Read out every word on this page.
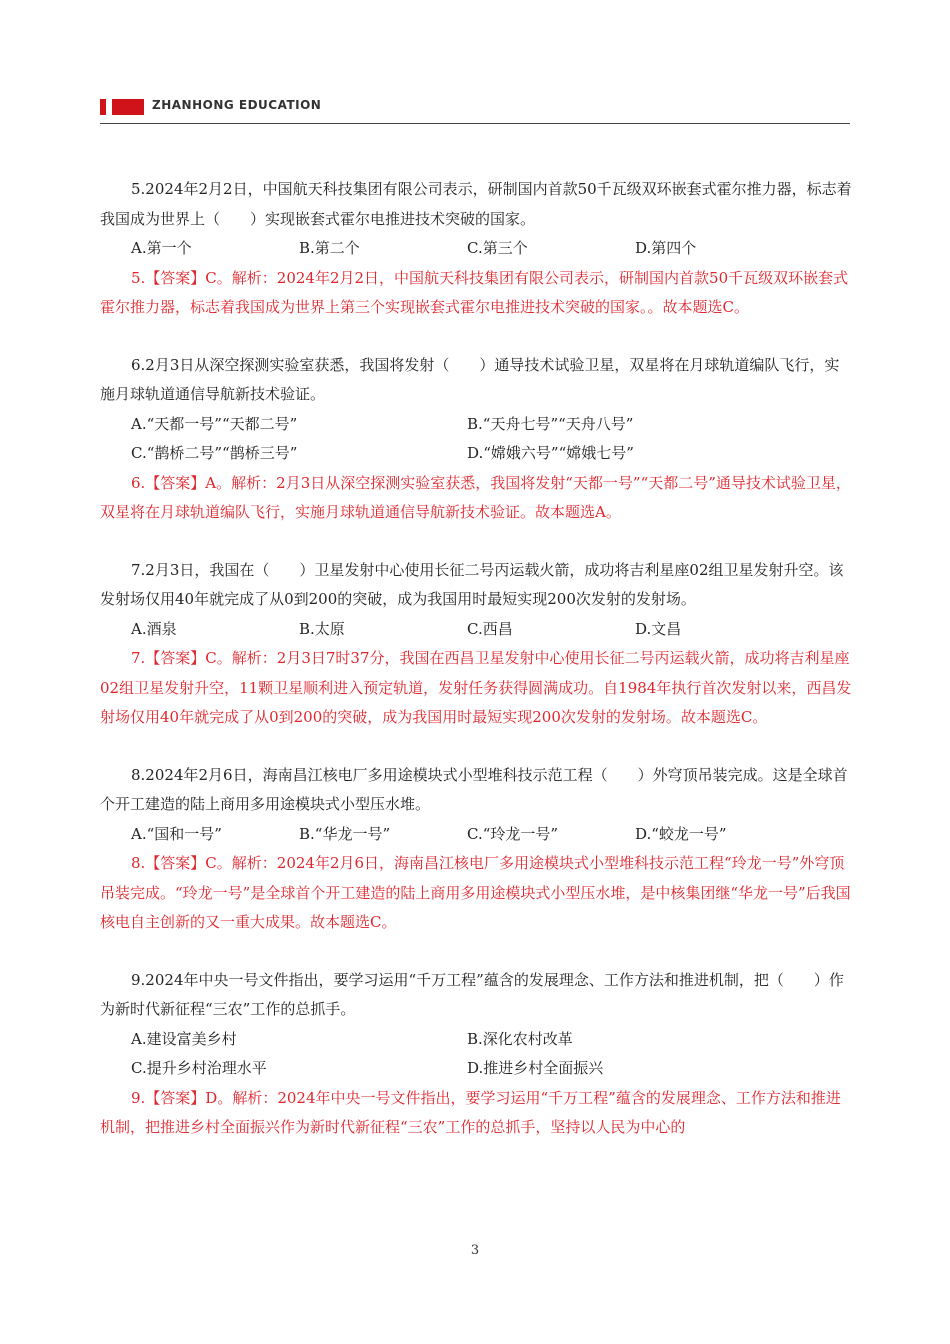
ZHANHONG EDUCATION
5.2024年2月2日，中国航天科技集团有限公司表示，研制国内首款50千瓦级双环嵌套式霍尔推力器，标志着我国成为世界上（　　）实现嵌套式霍尔电推进技术突破的国家。
A.第一个	B.第二个	C.第三个	D.第四个
5.【答案】C。解析：2024年2月2日，中国航天科技集团有限公司表示，研制国内首款50千瓦级双环嵌套式霍尔推力器，标志着我国成为世界上第三个实现嵌套式霍尔电推进技术突破的国家。。故本题选C。
6.2月3日从深空探测实验室获悉，我国将发射（　　）通导技术试验卫星，双星将在月球轨道编队飞行，实施月球轨道通信导航新技术验证。
A.“天都一号”“天都二号”	B.“天舟七号”“天舟八号”
C.“鹊桥二号”“鹊桥三号”	D.“嫦娥六号”“嫦娥七号”
6.【答案】A。解析：2月3日从深空探测实验室获悉，我国将发射“天都一号”“天都二号”通导技术试验卫星，双星将在月球轨道编队飞行，实施月球轨道通信导航新技术验证。故本题选A。
7.2月3日，我国在（　　）卫星发射中心使用长征二号丙运载火箭，成功将吉利星座02组卫星发射升空。该发射场仅用40年就完成了从0到200的突破，成为我国用时最短实现200次发射的发射场。
A.酒泉	B.太原	C.西昌	D.文昌
7.【答案】C。解析：2月3日7时37分，我国在西昌卫星发射中心使用长征二号丙运载火箭，成功将吉利星座02组卫星发射升空，11颗卫星顺利进入预定轨道，发射任务获得圆满成功。自1984年执行首次发射以来，西昌发射场仅用40年就完成了从0到200的突破，成为我国用时最短实现200次发射的发射场。故本题选C。
8.2024年2月6日，海南昌江核电厂多用途模块式小型堆科技示范工程（　　）外穹顶吊装完成。这是全球首个开工建造的陆上商用多用途模块式小型压水堆。
A.“国和一号”	B.“华龙一号”	C.“玲龙一号”	D.“蛟龙一号”
8.【答案】C。解析：2024年2月6日，海南昌江核电厂多用途模块式小型堆科技示范工程“玲龙一号”外穹顶吊装完成。“玲龙一号”是全球首个开工建造的陆上商用多用途模块式小型压水堆，是中核集团继“华龙一号”后我国核电自主创新的又一重大成果。故本题选C。
9.2024年中央一号文件指出，要学习运用“千万工程”蕴含的发展理念、工作方法和推进机制，把（　　）作为新时代新征程“三农”工作的总抓手。
A.建设富美乡村	B.深化农村改革
C.提升乡村治理水平	D.推进乡村全面振兴
9.【答案】D。解析：2024年中央一号文件指出，要学习运用“千万工程”蕴含的发展理念、工作方法和推进机制，把推进乡村全面振兴作为新时代新征程“三农”工作的总抓手，坚持以人民为中心的
3
